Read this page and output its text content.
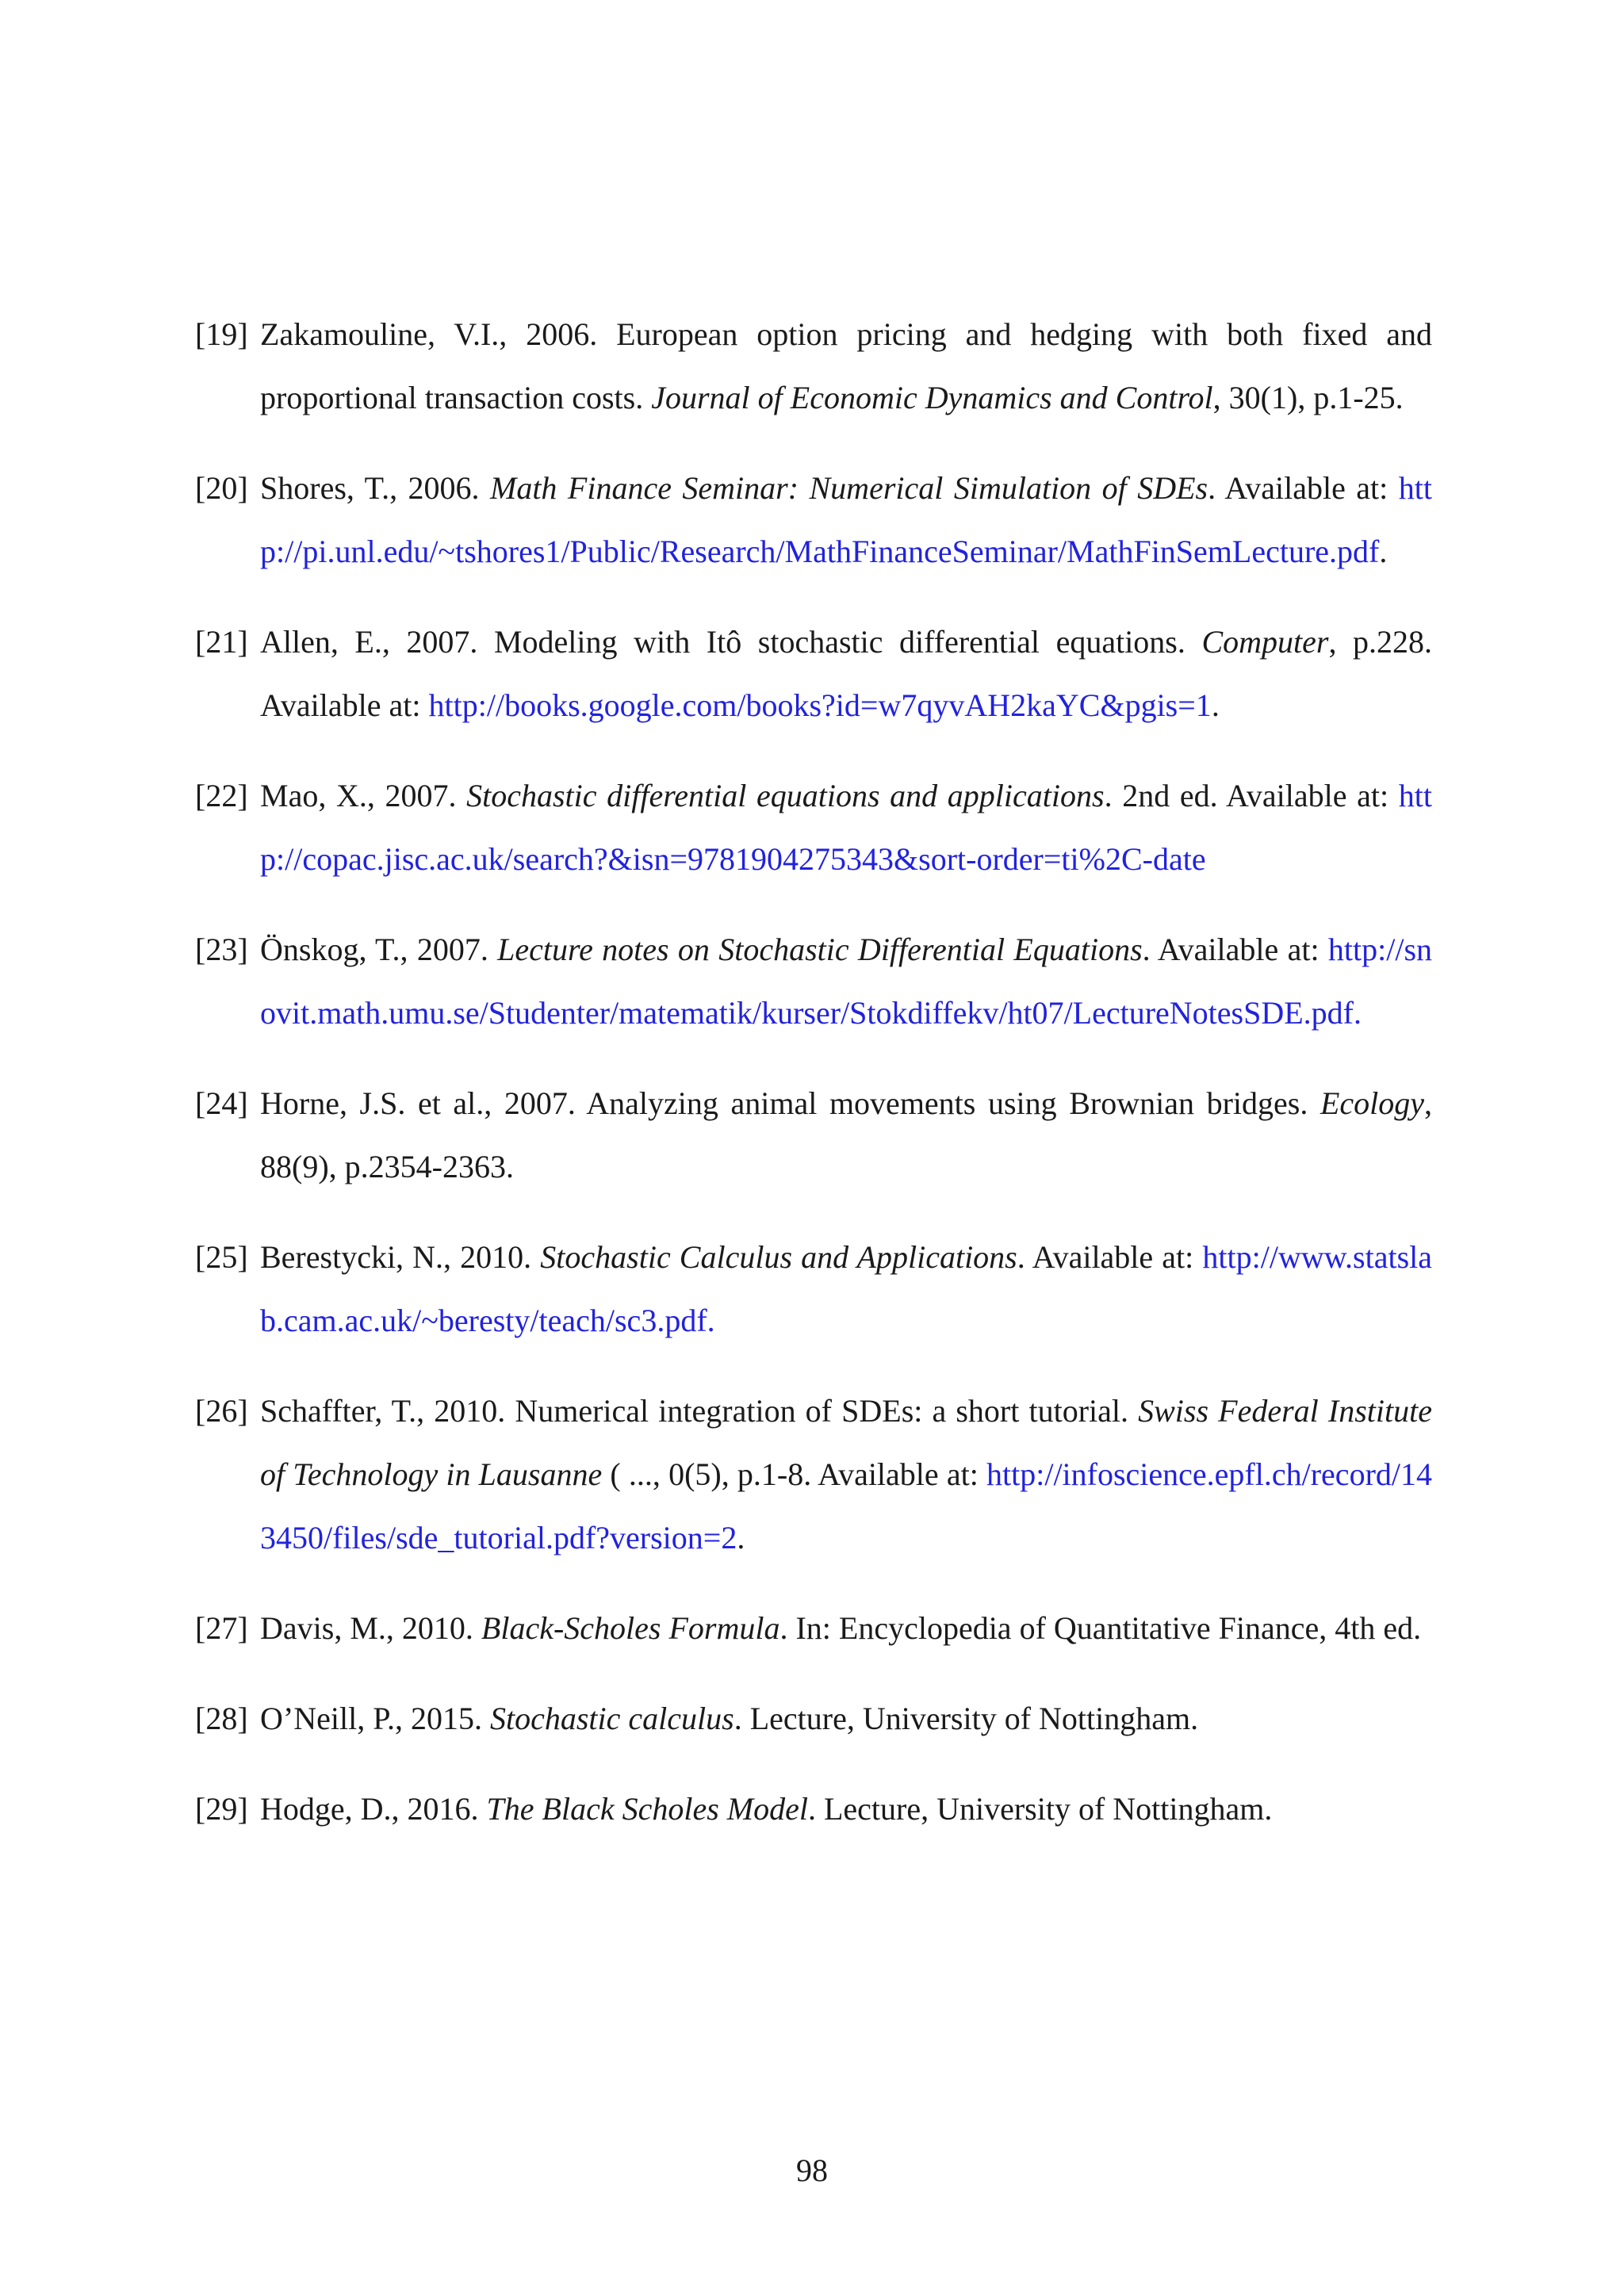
[19] Zakamouline, V.I., 2006. European option pricing and hedging with both fixed and proportional transaction costs. Journal of Economic Dynamics and Control, 30(1), p.1-25.
[20] Shores, T., 2006. Math Finance Seminar: Numerical Simulation of SDEs. Available at: http://pi.unl.edu/~tshores1/Public/Research/MathFinanceSeminar/MathFinSemLecture.pdf.
[21] Allen, E., 2007. Modeling with Itô stochastic differential equations. Computer, p.228. Available at: http://books.google.com/books?id=w7qyvAH2kaYC&pgis=1.
[22] Mao, X., 2007. Stochastic differential equations and applications. 2nd ed. Available at: http://copac.jisc.ac.uk/search?&isn=9781904275343&sort-order=ti%2C-date
[23] Önskog, T., 2007. Lecture notes on Stochastic Differential Equations. Available at: http://snovit.math.umu.se/Studenter/matematik/kurser/Stokdiffekv/ht07/LectureNotesSDE.pdf.
[24] Horne, J.S. et al., 2007. Analyzing animal movements using Brownian bridges. Ecology, 88(9), p.2354-2363.
[25] Berestycki, N., 2010. Stochastic Calculus and Applications. Available at: http://www.statslab.cam.ac.uk/~beresty/teach/sc3.pdf.
[26] Schaffter, T., 2010. Numerical integration of SDEs: a short tutorial. Swiss Federal Institute of Technology in Lausanne ( ..., 0(5), p.1-8. Available at: http://infoscience.epfl.ch/record/143450/files/sde_tutorial.pdf?version=2.
[27] Davis, M., 2010. Black-Scholes Formula. In: Encyclopedia of Quantitative Finance, 4th ed.
[28] O’Neill, P., 2015. Stochastic calculus. Lecture, University of Nottingham.
[29] Hodge, D., 2016. The Black Scholes Model. Lecture, University of Nottingham.
98
